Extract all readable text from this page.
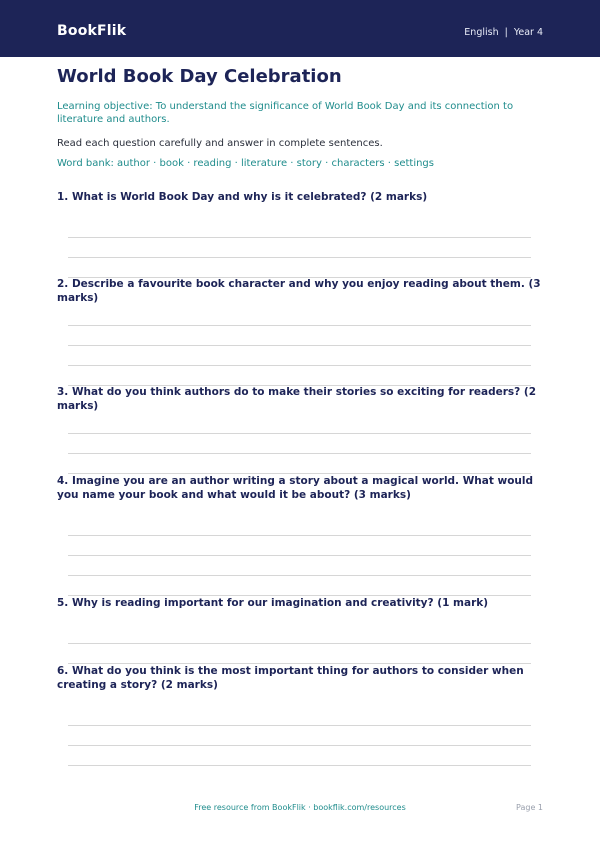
BookFlik	English | Year 4
World Book Day Celebration
Learning objective: To understand the significance of World Book Day and its connection to literature and authors.
Read each question carefully and answer in complete sentences.
Word bank: author · book · reading · literature · story · characters · settings
1. What is World Book Day and why is it celebrated? (2 marks)
2. Describe a favourite book character and why you enjoy reading about them. (3 marks)
3. What do you think authors do to make their stories so exciting for readers? (2 marks)
4. Imagine you are an author writing a story about a magical world. What would you name your book and what would it be about? (3 marks)
5. Why is reading important for our imagination and creativity? (1 mark)
6. What do you think is the most important thing for authors to consider when creating a story? (2 marks)
Free resource from BookFlik · bookflik.com/resources	Page 1
